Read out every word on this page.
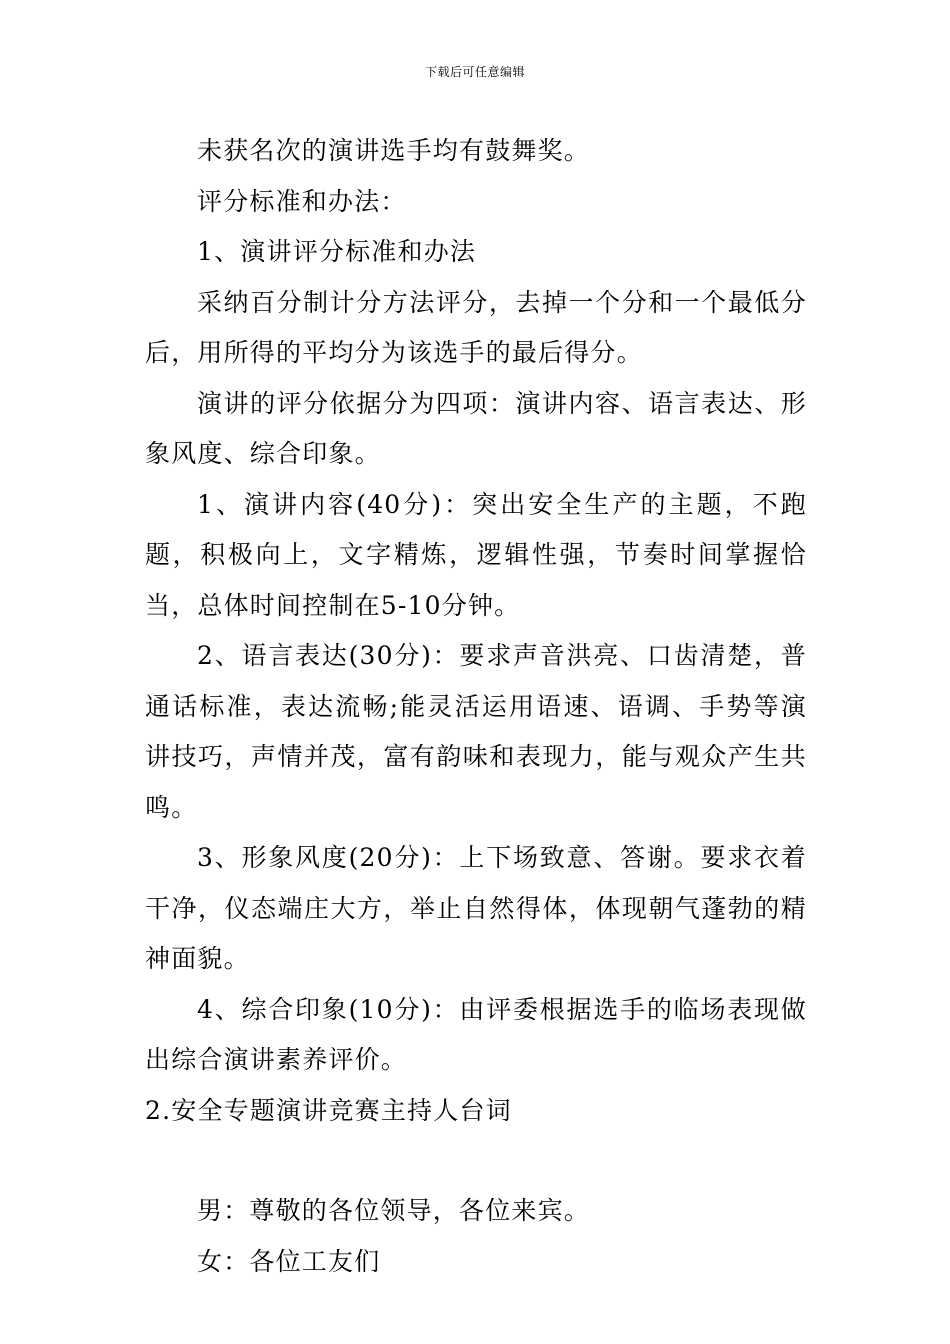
下载后可任意编辑

未获名次的演讲选手均有鼓舞奖。

评分标准和办法：

1、演讲评分标准和办法

采纳百分制计分方法评分，去掉一个分和一个最低分后，用所得的平均分为该选手的最后得分。

演讲的评分依据分为四项：演讲内容、语言表达、形象风度、综合印象。

1、演讲内容(40分)：突出安全生产的主题，不跑题，积极向上，文字精炼，逻辑性强，节奏时间掌握恰当，总体时间控制在5-10分钟。

2、语言表达(30分)：要求声音洪亮、口齿清楚，普通话标准，表达流畅;能灵活运用语速、语调、手势等演讲技巧，声情并茂，富有韵味和表现力，能与观众产生共鸣。

3、形象风度(20分)：上下场致意、答谢。要求衣着干净，仪态端庄大方，举止自然得体，体现朝气蓬勃的精神面貌。

4、综合印象(10分)：由评委根据选手的临场表现做出综合演讲素养评价。

2.安全专题演讲竞赛主持人台词

男：尊敬的各位领导，各位来宾。

女：各位工友们
